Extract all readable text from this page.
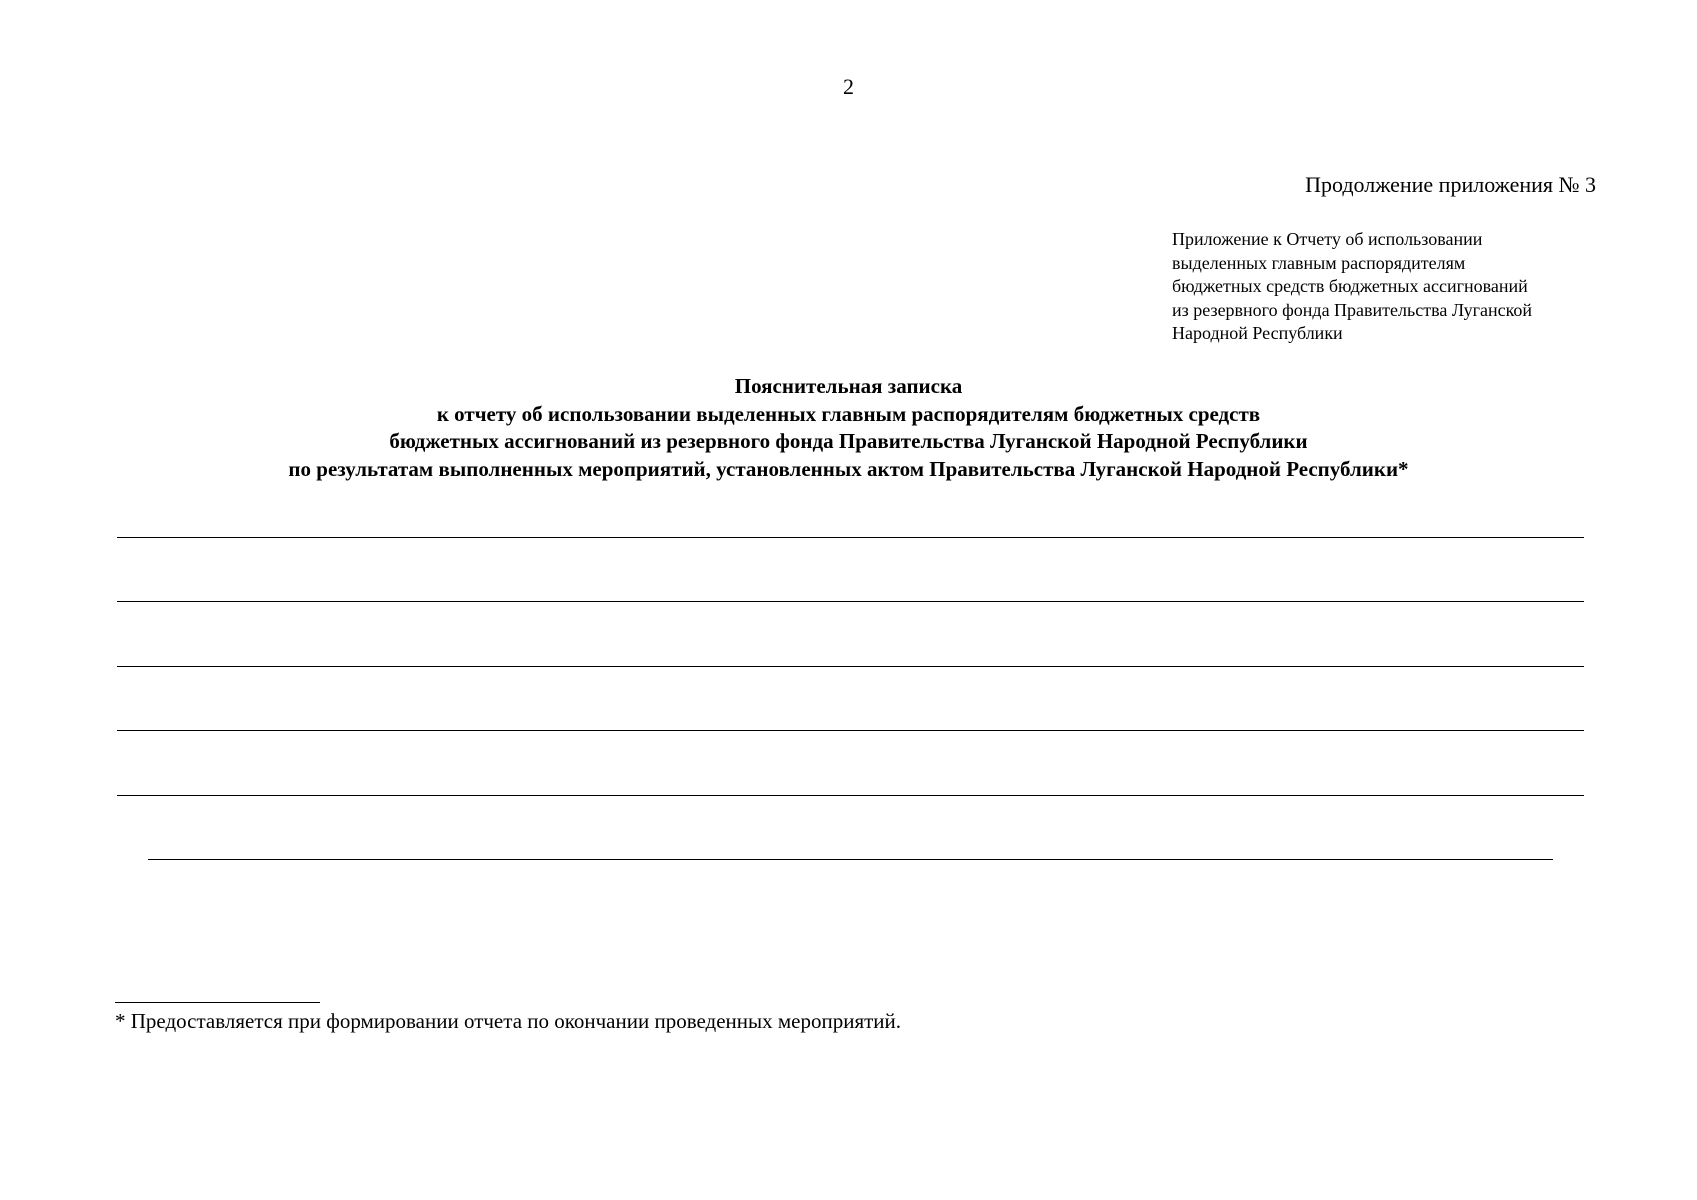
2
Продолжение приложения № 3
Приложение к Отчету об использовании
выделенных главным распорядителям
бюджетных средств бюджетных ассигнований
из резервного фонда Правительства Луганской
Народной Республики
Пояснительная записка
к отчету об использовании выделенных главным распорядителям бюджетных средств
бюджетных ассигнований из резервного фонда Правительства Луганской Народной Республики
по результатам выполненных мероприятий, установленных актом Правительства Луганской Народной Республики*
* Предоставляется при формировании отчета по окончании проведенных мероприятий.
